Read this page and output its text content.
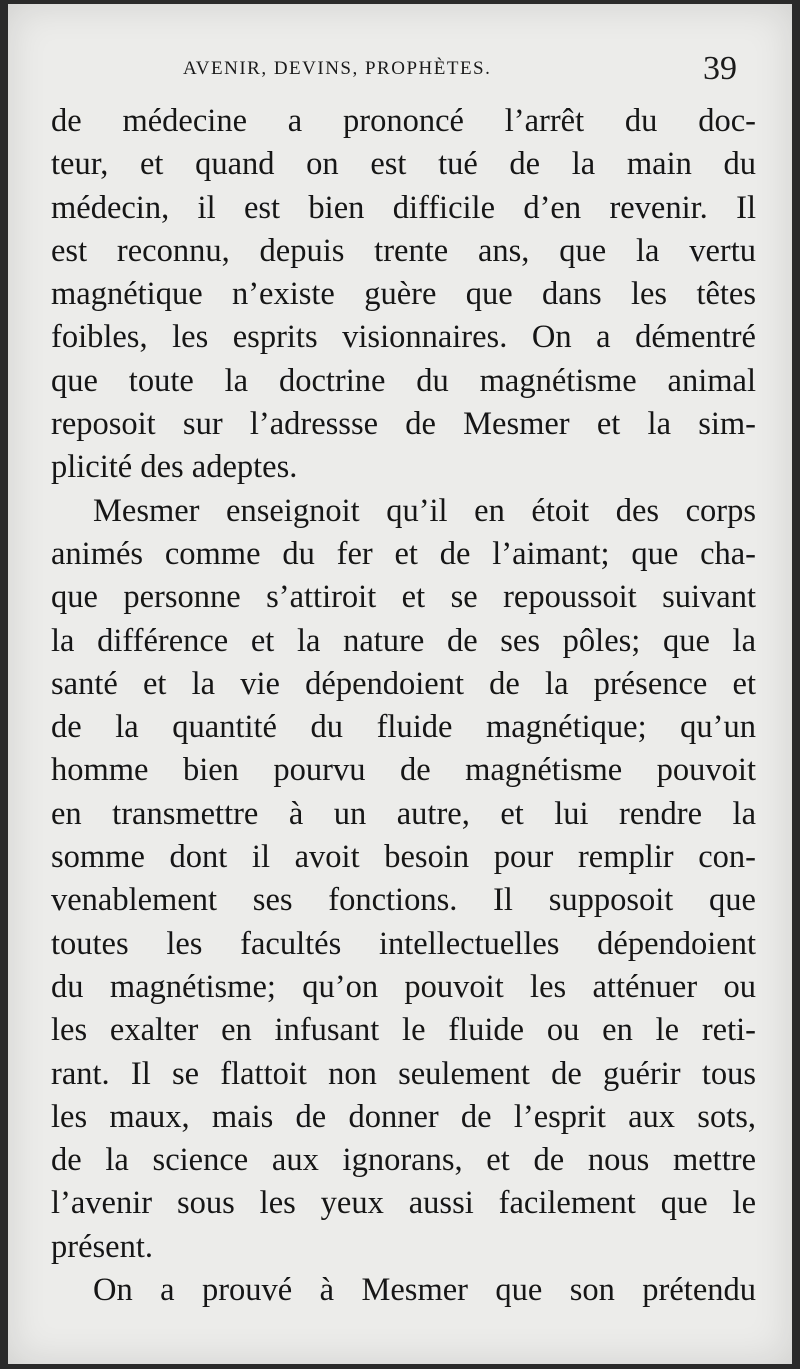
AVENIR, DEVINS, PROPHÈTES.	39
de médecine a prononcé l’arrêt du doc-
teur, et quand on est tué de la main du
médecin, il est bien difficile d’en revenir. Il
est reconnu, depuis trente ans, que la vertu
magnétique n’existe guère que dans les têtes
foibles, les esprits visionnaires. On a démentré
que toute la doctrine du magnétisme animal
reposoit sur l’adressse de Mesmer et la sim-
plicité des adeptes.
Mesmer enseignoit qu’il en étoit des corps
animés comme du fer et de l’aimant; que cha-
que personne s’attiroit et se repoussoit suivant
la différence et la nature de ses pôles; que la
santé et la vie dépendoient de la présence et
de la quantité du fluide magnétique; qu’un
homme bien pourvu de magnétisme pouvoit
en transmettre à un autre, et lui rendre la
somme dont il avoit besoin pour remplir con-
venablement ses fonctions. Il supposoit que
toutes les facultés intellectuelles dépendoient
du magnétisme; qu’on pouvoit les atténuer ou
les exalter en infusant le fluide ou en le reti-
rant. Il se flattoit non seulement de guérir tous
les maux, mais de donner de l’esprit aux sots,
de la science aux ignorans, et de nous mettre
l’avenir sous les yeux aussi facilement que le
présent.
On a prouvé à Mesmer que son prétendu
